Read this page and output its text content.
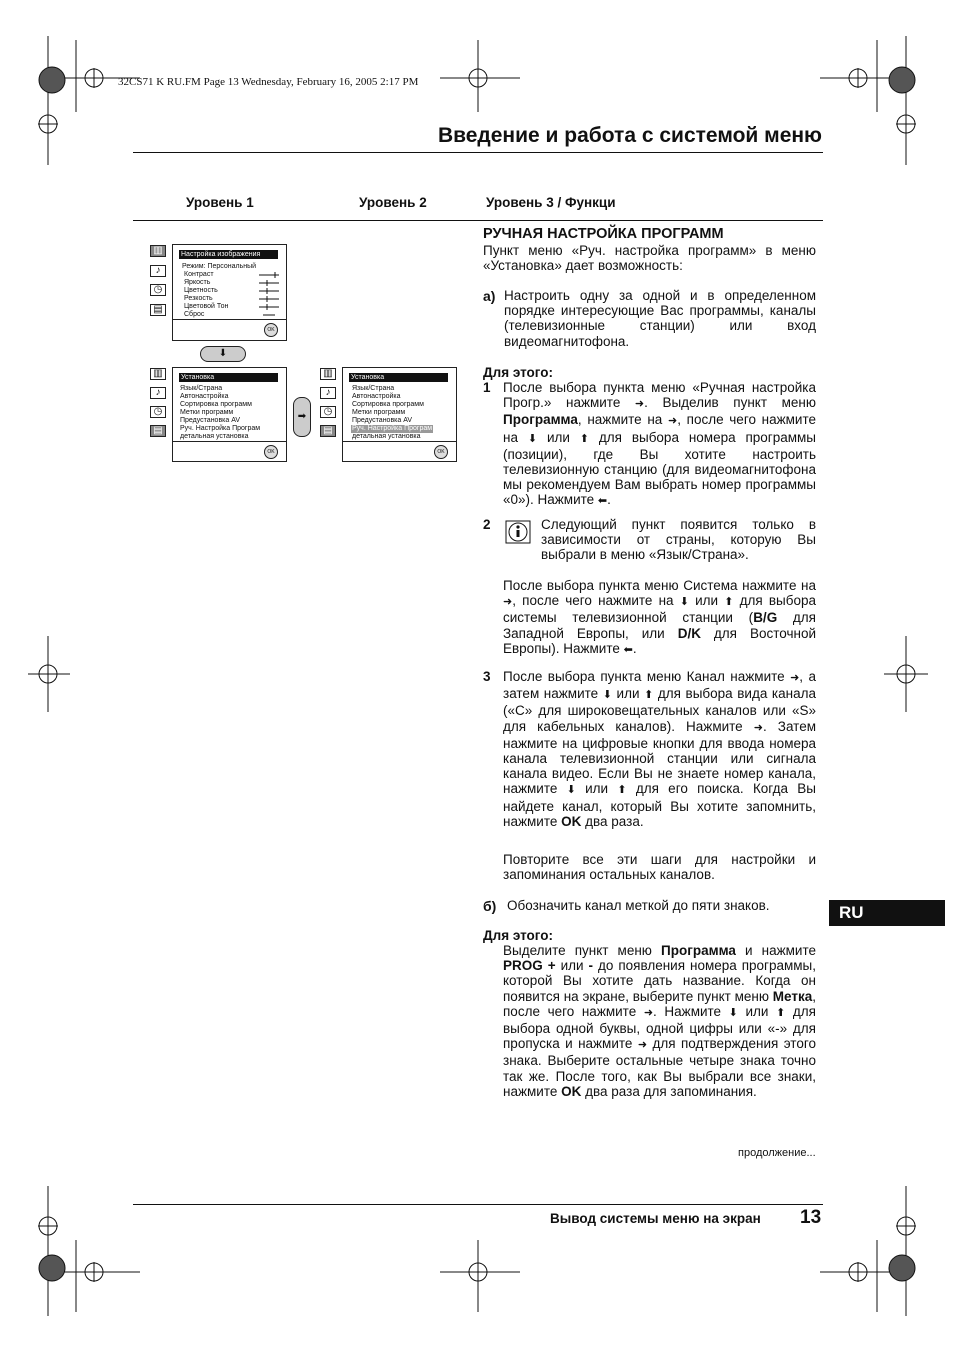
32CS71 K RU.FM Page 13 Wednesday, February 16, 2005 2:17 PM
Введение и работа с системой меню
Уровень 1	Уровень 2	Уровень 3 / Функци
▥
♪
◷
▤
Настройка изображения
Режим: Персональный
Контраст
Яркость
Цветность
Резкость
Цветовой Тон
Сброс
OK
⬇
▥
♪
◷
▤
Установка
Язык/Страна
Автонастройка
Сортировка программ
Метки программ
Предустановка AV
Руч. Настройка Програм
детальная установка
OK
➡
▥
♪
◷
▤
Установка
Язык/Страна
Автонастройка
Сортировка программ
Метки программ
Предустановка AV
Руч. Настройка Програм
детальная установка
OK
РУЧНАЯ НАСТРОЙКА ПРОГРАММ
Пункт меню «Руч. настройка программ» в меню «Установка» дает возможность:
а) Настроить одну за одной и в определенном порядке интересующие Вас программы, каналы (телевизионные станции) или вход видеомагнитофона.
Для этого:
1 После выбора пункта меню «Ручная настройка Прогр.» нажмите ➜. Выделив пункт меню Программа, нажмите на ➜, после чего нажмите на ⬇ или ⬆ для выбора номера программы (позиции), где Вы хотите настроить телевизионную станцию (для видеомагнитофона мы рекомендуем Вам выбрать номер программы «0»). Нажмите ⬅.
2	Следующий пункт появится только в зависимости от страны, которую Вы выбрали в меню «Язык/Страна».
После выбора пункта меню Система нажмите на ➜, после чего нажмите на ⬇ или ⬆ для выбора системы телевизионной станции (B/G для Западной Европы, или D/K для Восточной Европы). Нажмите ⬅.
3 После выбора пункта меню Канал нажмите ➜, а затем нажмите ⬇ или ⬆ для выбора вида канала («C» для широковещательных каналов или «S» для кабельных каналов). Нажмите ➜. Затем нажмите на цифровые кнопки для ввода номера канала телевизионной станции или сигнала канала видео. Если Вы не знаете номер канала, нажмите ⬇ или ⬆ для его поиска. Когда Вы найдете канал, который Вы хотите запомнить, нажмите OK два раза.
Повторите все эти шаги для настройки и запоминания остальных каналов.
б) Обозначить канал меткой до пяти знаков.
Для этого:
Выделите пункт меню Программа и нажмите PROG + или - до появления номера программы, которой Вы хотите дать название. Когда он появится на экране, выберите пункт меню Метка, после чего нажмите ➜. Нажмите ⬇ или ⬆ для выбора одной буквы, одной цифры или «-» для пропуска и нажмите ➜ для подтверждения этого знака. Выберите остальные четыре знака точно так же. После того, как Вы выбрали все знаки, нажмите OK два раза для запоминания.
продолжение...
RU
Вывод системы меню на экран 13
